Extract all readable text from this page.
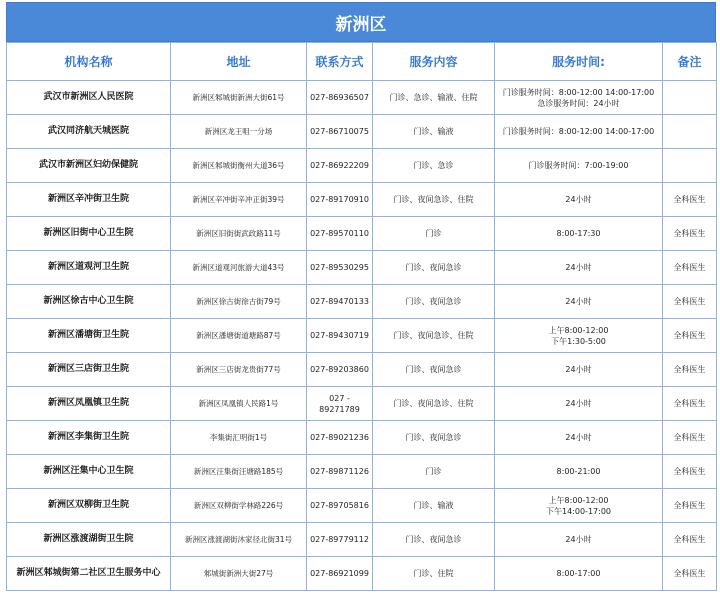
新洲区
机构名称	地址	联系方式	服务内容	服务时间:	备注
武汉市新洲区人民医院	新洲区邾城街新洲大街61号	027-86936507	门诊、急诊、输液、住院	门诊服务时间：8:00-12:00 14:00-17:00
急诊服务时间：24小时	

武汉同济航天城医院	新洲区龙王咀一分场	027-86710075	门诊、输液	门诊服务时间：8:00-12:00 14:00-17:00	

武汉市新洲区妇幼保健院	新洲区邾城街衡州大道36号	027-86922209	门诊、急诊	门诊服务时间：7:00-19:00	

新洲区辛冲街卫生院	新洲区辛冲街辛冲正街39号	027-89170910	门诊、夜间急诊、住院	24小时	全科医生
新洲区旧街中心卫生院	新洲区旧街街武政路11号	027-89570110	门诊	8:00-17:30	全科医生
新洲区道观河卫生院	新洲区道观河旅游大道43号	027-89530295	门诊、夜间急诊	24小时	全科医生
新洲区徐古中心卫生院	新洲区徐古街徐古街79号	027-89470133	门诊、夜间急诊	24小时	全科医生
新洲区潘塘街卫生院	新洲区潘塘街道塘路87号	027-89430719	门诊、夜间急诊、住院	上午8:00-12:00
下午1:30-5:00	全科医生
新洲区三店街卫生院	新洲区三店街龙贵街77号	027-89203860	门诊、夜间急诊	24小时	全科医生
新洲区凤凰镇卫生院	新洲区凤凰镇人民路1号	027 - 89271789	门诊、夜间急诊、住院	24小时	全科医生
新洲区李集街卫生院	李集街汇明街1号	027-89021236	门诊、夜间急诊	24小时	全科医生
新洲区汪集中心卫生院	新洲区汪集街汪塘路185号	027-89871126	门诊	8:00-21:00	全科医生
新洲区双柳街卫生院	新洲区双柳街学林路226号	027-89705816	门诊、输液	上午8:00-12:00
下午14:00-17:00	全科医生
新洲区涨渡湖街卫生院	新洲区涨渡湖街沐家径北街31号	027-89779112	门诊、夜间急诊	24小时	全科医生
新洲区邾城街第二社区卫生服务中心	邾城街新洲大街27号	027-86921099	门诊、住院	8:00-17:00	全科医生
